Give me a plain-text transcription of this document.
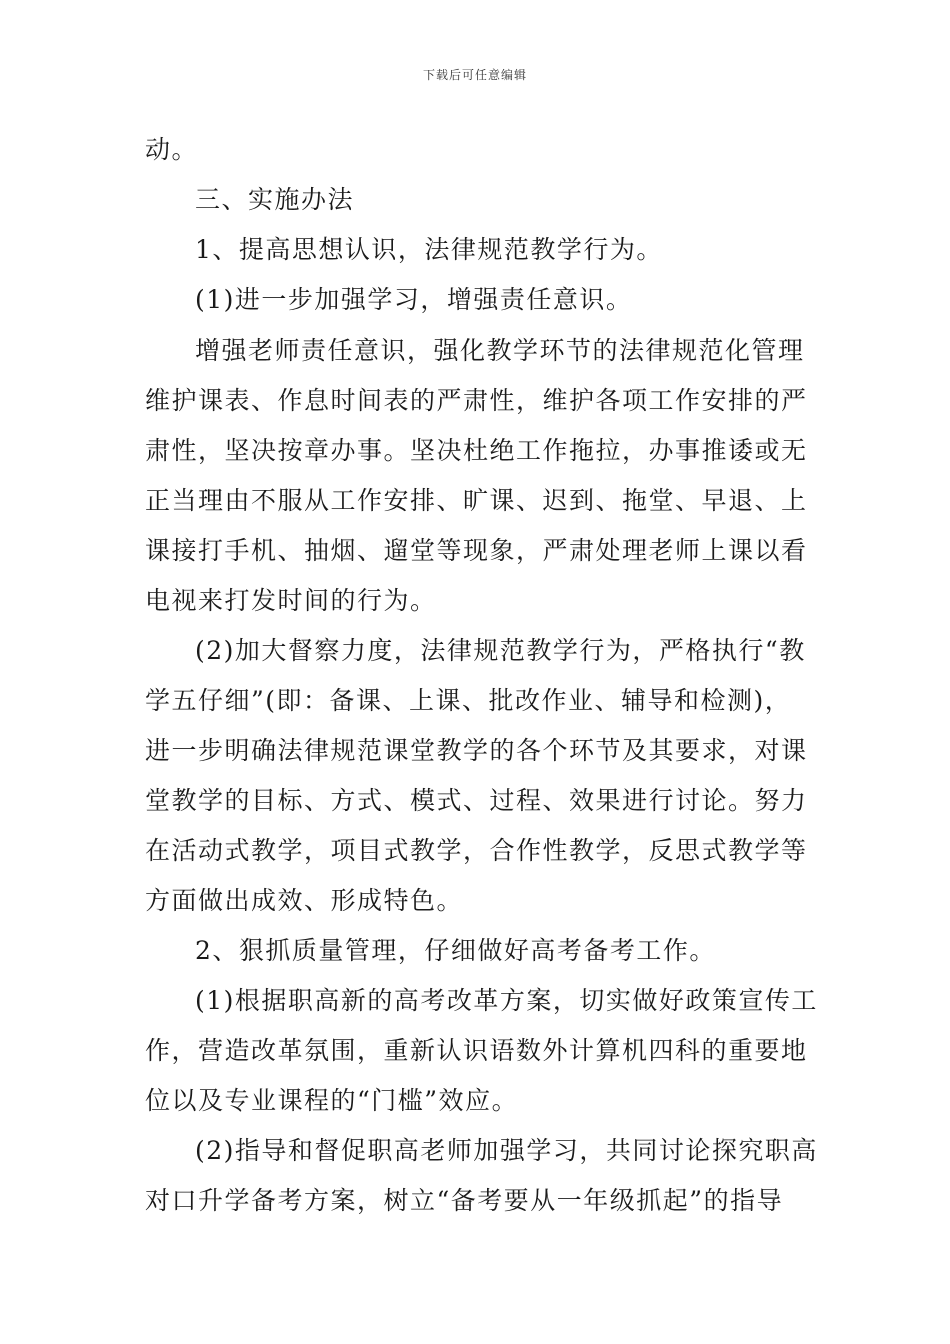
下载后可任意编辑
动。
三、实施办法
1、提高思想认识，法律规范教学行为。
(1)进一步加强学习，增强责任意识。
增强老师责任意识，强化教学环节的法律规范化管理
维护课表、作息时间表的严肃性，维护各项工作安排的严
肃性，坚决按章办事。坚决杜绝工作拖拉，办事推诿或无
正当理由不服从工作安排、旷课、迟到、拖堂、早退、上
课接打手机、抽烟、遛堂等现象，严肃处理老师上课以看
电视来打发时间的行为。
(2)加大督察力度，法律规范教学行为，严格执行“教
学五仔细”(即：备课、上课、批改作业、辅导和检测)，
进一步明确法律规范课堂教学的各个环节及其要求，对课
堂教学的目标、方式、模式、过程、效果进行讨论。努力
在活动式教学，项目式教学，合作性教学，反思式教学等
方面做出成效、形成特色。
2、狠抓质量管理，仔细做好高考备考工作。
(1)根据职高新的高考改革方案，切实做好政策宣传工
作，营造改革氛围，重新认识语数外计算机四科的重要地
位以及专业课程的“门槛”效应。
(2)指导和督促职高老师加强学习，共同讨论探究职高
对口升学备考方案，树立“备考要从一年级抓起”的指导
